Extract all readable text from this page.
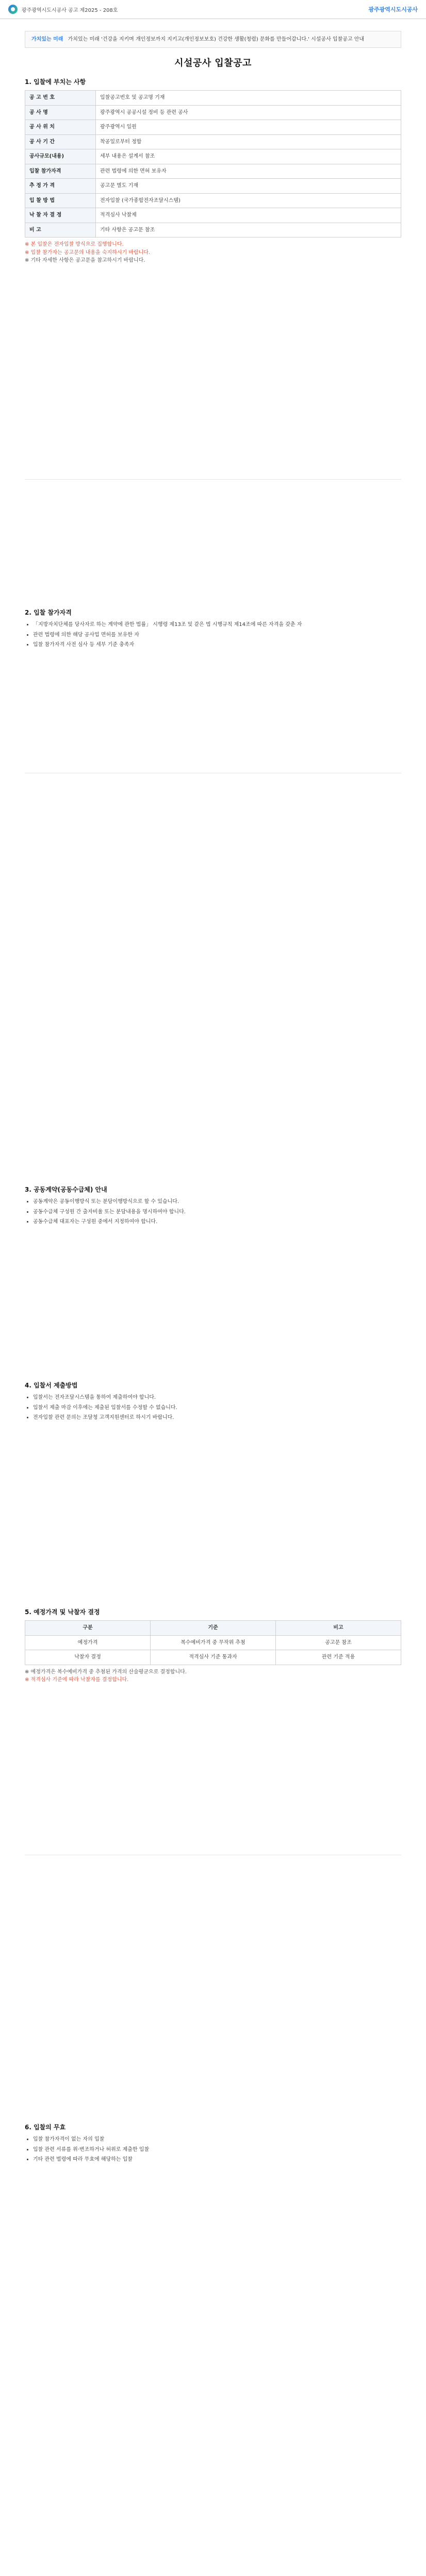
광주광역시도시공사 공고 제2025 - 208호	광주광역시도시공사
가치있는 미래 가치있는 미래 '건강을 지키며 개인정보까지 지키고(개인정보보호) 건강한 생활(청렴) 문화를 만들어갑니다.' 시설공사 입찰공고 안내
시설공사 입찰공고
1. 입찰에 부치는 사항
공 고 번 호	입찰공고번호 및 공고명 기재
공 사 명	광주광역시 공공시설 정비 등 관련 공사
공 사 위 치	광주광역시 일원
공 사 기 간	착공일로부터 정함
공사규모(내용)	세부 내용은 설계서 참조
입찰 참가자격	관련 법령에 의한 면허 보유자
추 정 가 격	공고문 별도 기재
입 찰 방 법	전자입찰 (국가종합전자조달시스템)
낙 찰 자 결 정	적격심사 낙찰제
비 고	기타 사항은 공고문 참조
※ 본 입찰은 전자입찰 방식으로 집행합니다.
※ 입찰 참가자는 공고문의 내용을 숙지하시기 바랍니다.
※ 기타 자세한 사항은 공고문을 참고하시기 바랍니다.
2. 입찰 참가자격
• 「지방자치단체를 당사자로 하는 계약에 관한 법률」 시행령 제13조 및 같은 법 시행규칙 제14조에 따른 자격을 갖춘 자
• 관련 법령에 의한 해당 공사업 면허를 보유한 자
• 입찰 참가자격 사전 심사 등 세부 기준 충족자
3. 공동계약(공동수급체) 안내
• 공동계약은 공동이행방식 또는 분담이행방식으로 할 수 있습니다.
• 공동수급체 구성원 간 출자비율 또는 분담내용을 명시하여야 합니다.
• 공동수급체 대표자는 구성원 중에서 지정하여야 합니다.
4. 입찰서 제출방법
• 입찰서는 전자조달시스템을 통하여 제출하여야 합니다.
• 입찰서 제출 마감 이후에는 제출된 입찰서를 수정할 수 없습니다.
• 전자입찰 관련 문의는 조달청 고객지원센터로 하시기 바랍니다.
5. 예정가격 및 낙찰자 결정
구분	기준	비고
예정가격	복수예비가격 중 무작위 추첨	공고문 참조
낙찰자 결정	적격심사 기준 통과자	관련 기준 적용
※ 예정가격은 복수예비가격 중 추첨된 가격의 산술평균으로 결정합니다.
※ 적격심사 기준에 따라 낙찰자를 결정합니다.
6. 입찰의 무효
• 입찰 참가자격이 없는 자의 입찰
• 입찰 관련 서류를 위·변조하거나 허위로 제출한 입찰
• 기타 관련 법령에 따라 무효에 해당하는 입찰
